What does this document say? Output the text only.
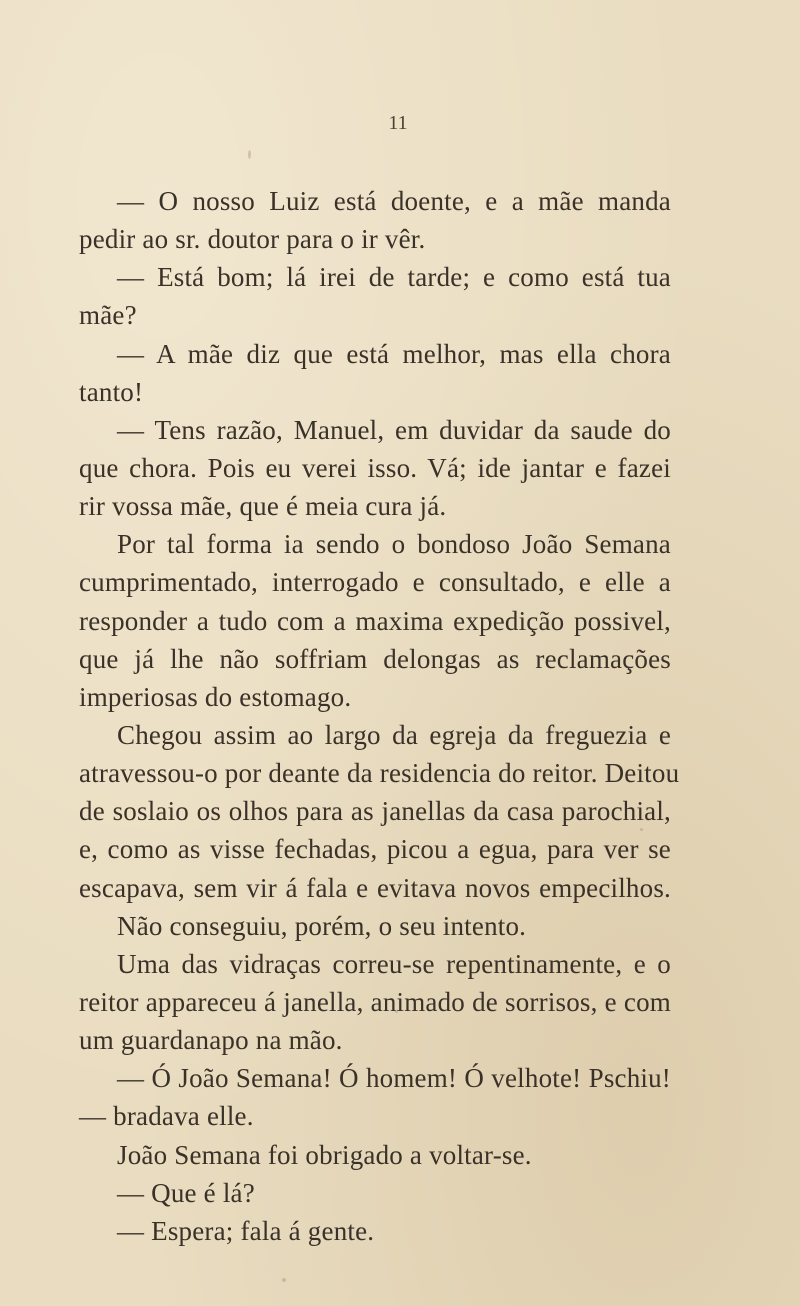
11
— O nosso Luiz está doente, e a mãe manda
pedir ao sr. doutor para o ir vêr.
— Está bom; lá irei de tarde; e como está tua
mãe?
— A mãe diz que está melhor, mas ella chora
tanto!
— Tens razão, Manuel, em duvidar da saude do
que chora. Pois eu verei isso. Vá; ide jantar e fazei
rir vossa mãe, que é meia cura já.
Por tal forma ia sendo o bondoso João Semana
cumprimentado, interrogado e consultado, e elle a
responder a tudo com a maxima expedição possivel,
que já lhe não soffriam delongas as reclamações
imperiosas do estomago.
Chegou assim ao largo da egreja da freguezia e
atravessou-o por deante da residencia do reitor. Deitou
de soslaio os olhos para as janellas da casa parochial,
e, como as visse fechadas, picou a egua, para ver se
escapava, sem vir á fala e evitava novos empecilhos.
Não conseguiu, porém, o seu intento.
Uma das vidraças correu-se repentinamente, e o
reitor appareceu á janella, animado de sorrisos, e com
um guardanapo na mão.
— Ó João Semana! Ó homem! Ó velhote! Pschiu!
— bradava elle.
João Semana foi obrigado a voltar-se.
— Que é lá?
— Espera; fala á gente.
